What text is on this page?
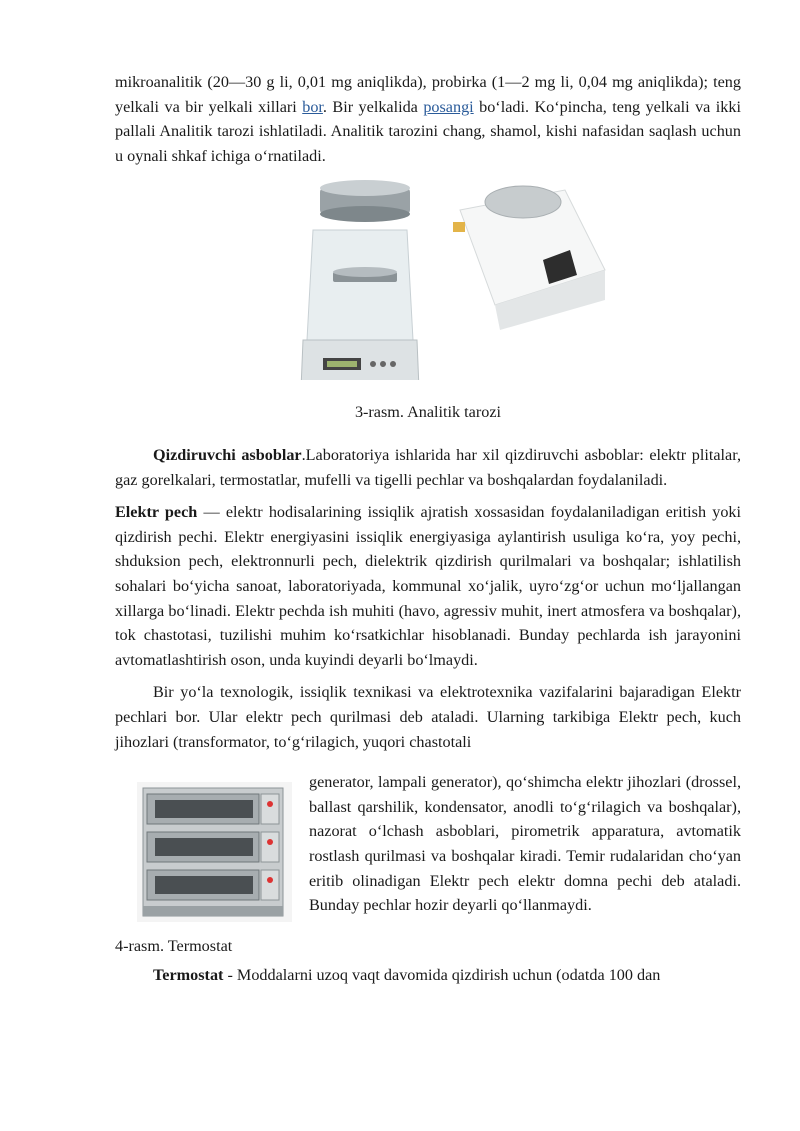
mikroanalitik (20—30 g li, 0,01 mg aniqlikda), probirka (1—2 mg li, 0,04 mg aniqlikda); teng yelkali va bir yelkali xillari bor. Bir yelkalida posangi bo‘ladi. Ko‘pincha, teng yelkali va ikki pallali Analitik tarozi ishlatiladi. Analitik tarozini chang, shamol, kishi nafasidan saqlash uchun u oynali shkaf ichiga o‘rnatiladi.

3-rasm. Analitik tarozi

Qizdiruvchi asboblar.Laboratoriya ishlarida har xil qizdiruvchi asboblar: elektr plitalar, gaz gorelkalari, termostatlar, mufelli va tigelli pechlar va boshqalardan foydalaniladi.

Elektr pech — elektr hodisalarining issiqlik ajratish xossasidan foydalaniladigan eritish yoki qizdirish pechi. Elektr energiyasini issiqlik energiyasiga aylantirish usuliga ko‘ra, yoy pechi, shduksion pech, elektronnurli pech, dielektrik qizdirish qurilmalari va boshqalar; ishlatilish sohalari bo‘yicha sanoat, laboratoriyada, kommunal xo‘jalik, uyro‘zg‘or uchun mo‘ljallangan xillarga bo‘linadi. Elektr pechda ish muhiti (havo, agressiv muhit, inert atmosfera va boshqalar), tok chastotasi, tuzilishi muhim ko‘rsatkichlar hisoblanadi. Bunday pechlarda ish jarayonini avtomatlashtirish oson, unda kuyindi deyarli bo‘lmaydi.

Bir yo‘la texnologik, issiqlik texnikasi va elektrotexnika vazifalarini bajaradigan Elektr pechlari bor. Ular elektr pech qurilmasi deb ataladi. Ularning tarkibiga Elektr pech, kuch jihozlari (transformator, to‘g‘rilagich, yuqori chastotali

generator, lampali generator), qo‘shimcha elektr jihozlari (drossel, ballast qarshilik, kondensator, anodli to‘g‘rilagich va boshqalar), nazorat o‘lchash asboblari, pirometrik apparatura, avtomatik rostlash qurilmasi va boshqalar kiradi. Temir rudalaridan cho‘yan eritib olinadigan Elektr pech elektr domna pechi deb ataladi. Bunday pechlar hozir deyarli qo‘llanmaydi.

4-rasm. Termostat

Termostat - Moddalarni uzoq vaqt davomida qizdirish uchun (odatda 100 dan
